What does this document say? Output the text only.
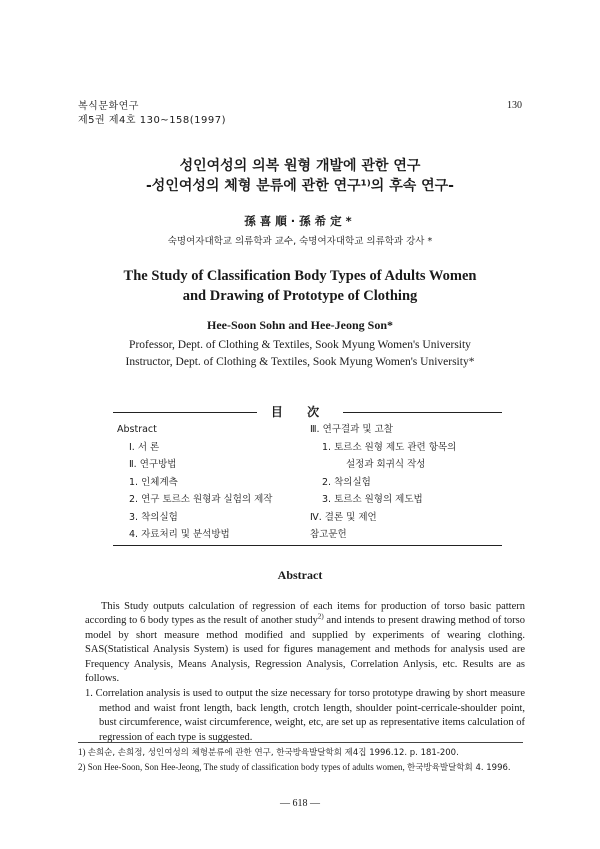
복식문화연구
제5권 제4호 130~158(1997)
130
성인여성의 의복 원형 개발에 관한 연구
-성인여성의 체형 분류에 관한 연구¹⁾의 후속 연구-
孫喜順·孫希定*
숙명여자대학교 의류학과 교수, 숙명여자대학교 의류학과 강사 *
The Study of Classification Body Types of Adults Women
and Drawing of Prototype of Clothing
Hee-Soon Sohn and Hee-Jeong Son*
Professor, Dept. of Clothing & Textiles, Sook Myung Women's University
Instructor, Dept. of Clothing & Textiles, Sook Myung Women's University*
目 次
Abstract
Ⅰ. 서 론
Ⅱ. 연구방법
1. 인체계측
2. 연구 토르소 원형과 실험의 제작
3. 착의실험
4. 자료처리 및 분석방법
Ⅲ. 연구결과 및 고찰
1. 토르소 원형 제도 관련 항목의
설정과 회귀식 작성
2. 착의실험
3. 토르소 원형의 제도법
Ⅳ. 결론 및 제언
참고문헌
Abstract

This Study outputs calculation of regression of each items for production of torso basic pattern according to 6 body types as the result of another study$^{2)}$ and intends to present drawing method of torso model by short measure method modified and supplied by experiments of wearing clothing. SAS(Statistical Analysis System) is used for figures management and methods for analysis used are Frequency Analysis, Means Analysis, Regression Analysis, Correlation Anlysis, etc. Results are as follows.

1. Correlation analysis is used to output the size necessary for torso prototype drawing by short measure method and waist front length, back length, crotch length, shoulder point-cerricale-shoulder point, bust circumference, waist circumference, weight, etc, are set up as representative items calculation of regression of each type is suggested.

1) 손희순, 손희정, 성인여성의 체형분류에 관한 연구, 한국방육발달학회 제4집 1996.12. p. 181-200.
2) Son Hee-Soon, Son Hee-Jeong, The study of classification body types of adults women, 한국방육발달학회 4. 1996.
— 618 —
